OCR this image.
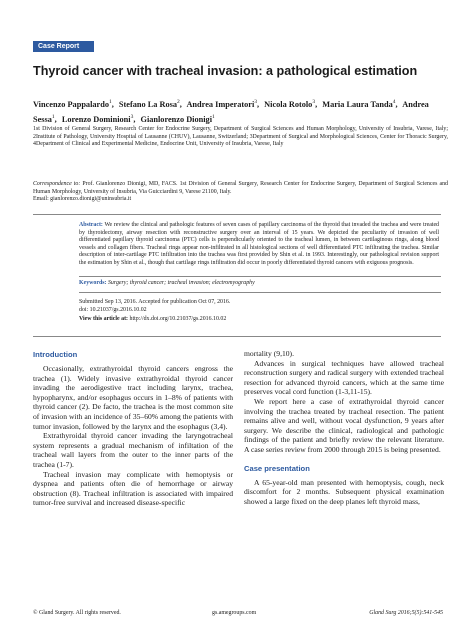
Case Report
Thyroid cancer with tracheal invasion: a pathological estimation
Vincenzo Pappalardo$^1$, Stefano La Rosa$^2$, Andrea Imperatori$^3$, Nicola Rotolo$^3$, Maria Laura Tanda$^4$, Andrea Sessa$^1$, Lorenzo Dominioni$^3$, Gianlorenzo Dionigi$^1$
1st Division of General Surgery, Research Center for Endocrine Surgery, Department of Surgical Sciences and Human Morphology, University of Insubria, Varese, Italy; 2Institute of Pathology, University Hospital of Lausanne (CHUV), Lausanne, Switzerland; 3Department of Surgical and Morphological Sciences, Center for Thoracic Surgery, 4Department of Clinical and Experimental Medicine, Endocrine Unit, University of Insubria, Varese, Italy
Correspondence to: Prof. Gianlorenzo Dionigi, MD, FACS. 1st Division of General Surgery, Research Center for Endocrine Surgery, Department of Surgical Sciences and Human Morphology, University of Insubria, Via Guicciardini 9, Varese 21100, Italy.
Email: gianlorenzo.dionigi@uninsubria.it
Abstract: We review the clinical and pathologic features of seven cases of papillary carcinoma of the thyroid that invaded the trachea and were treated by thyroidectomy, airway resection with reconstructive surgery over an interval of 15 years. We depicted the peculiarity of invasion of well differentiated papillary thyroid carcinoma (PTC) cells is perpendicularly oriented to the tracheal lumen, in between cartilaginous rings, along blood vessels and collagen fibers. Tracheal rings appear non-infiltrated in all histological sections of well differentiated PTC infiltrating the trachea. Similar description of inter-cartilage PTC infiltration into the trachea was first provided by Shin et al. in 1993. Interestingly, our pathological revision support the estimation by Shin et al., though that cartilage rings infiltration did occur in poorly differentiated thyroid cancers with exiguous prognosis.
Keywords: Surgery; thyroid cancer; tracheal invasion; electromyography
Submitted Sep 13, 2016. Accepted for publication Oct 07, 2016.
doi: 10.21037/gs.2016.10.02
View this article at: http://dx.doi.org/10.21037/gs.2016.10.02
Introduction

Occasionally, extrathyroidal thyroid cancers engross the trachea (1). Widely invasive extrathyroidal thyroid cancer invading the aerodigestive tract including larynx, trachea, hypopharynx, and/or esophagus occurs in 1–8% of patients with thyroid cancer (2). De facto, the trachea is the most common site of invasion with an incidence of 35–60% among the patients with tumor invasion, followed by the larynx and the esophagus (3,4).

Extrathyroidal thyroid cancer invading the laryngotracheal system represents a gradual mechanism of infiltation of the tracheal wall layers from the outer to the inner parts of the trachea (1-7).

Tracheal invasion may complicate with hemoptysis or dyspnea and patients often die of hemorrhage or airway obstruction (8). Tracheal infiltration is associated with impaired tumor-free survival and increased disease-specific

mortality (9,10).

Advances in surgical techniques have allowed tracheal reconstruction surgery and radical surgery with extended tracheal resection for advanced thyroid cancers, which at the same time preserves vocal cord function (1-3,11-15).

We report here a case of extrathyroidal thyroid cancer involving the trachea treated by tracheal resection. The patient remains alive and well, without vocal dysfunction, 9 years after surgery. We describe the clinical, radiological and pathologic findings of the patient and briefly review the relevant literature. A case series review from 2000 through 2015 is being presented.

Case presentation

A 65-year-old man presented with hemoptysis, cough, neck discomfort for 2 months. Subsequent physical examination showed a large fixed on the deep planes left thyroid mass,

© Gland Surgery. All rights reserved.	gs.amegroups.com	Gland Surg 2016;5(5):541-545
